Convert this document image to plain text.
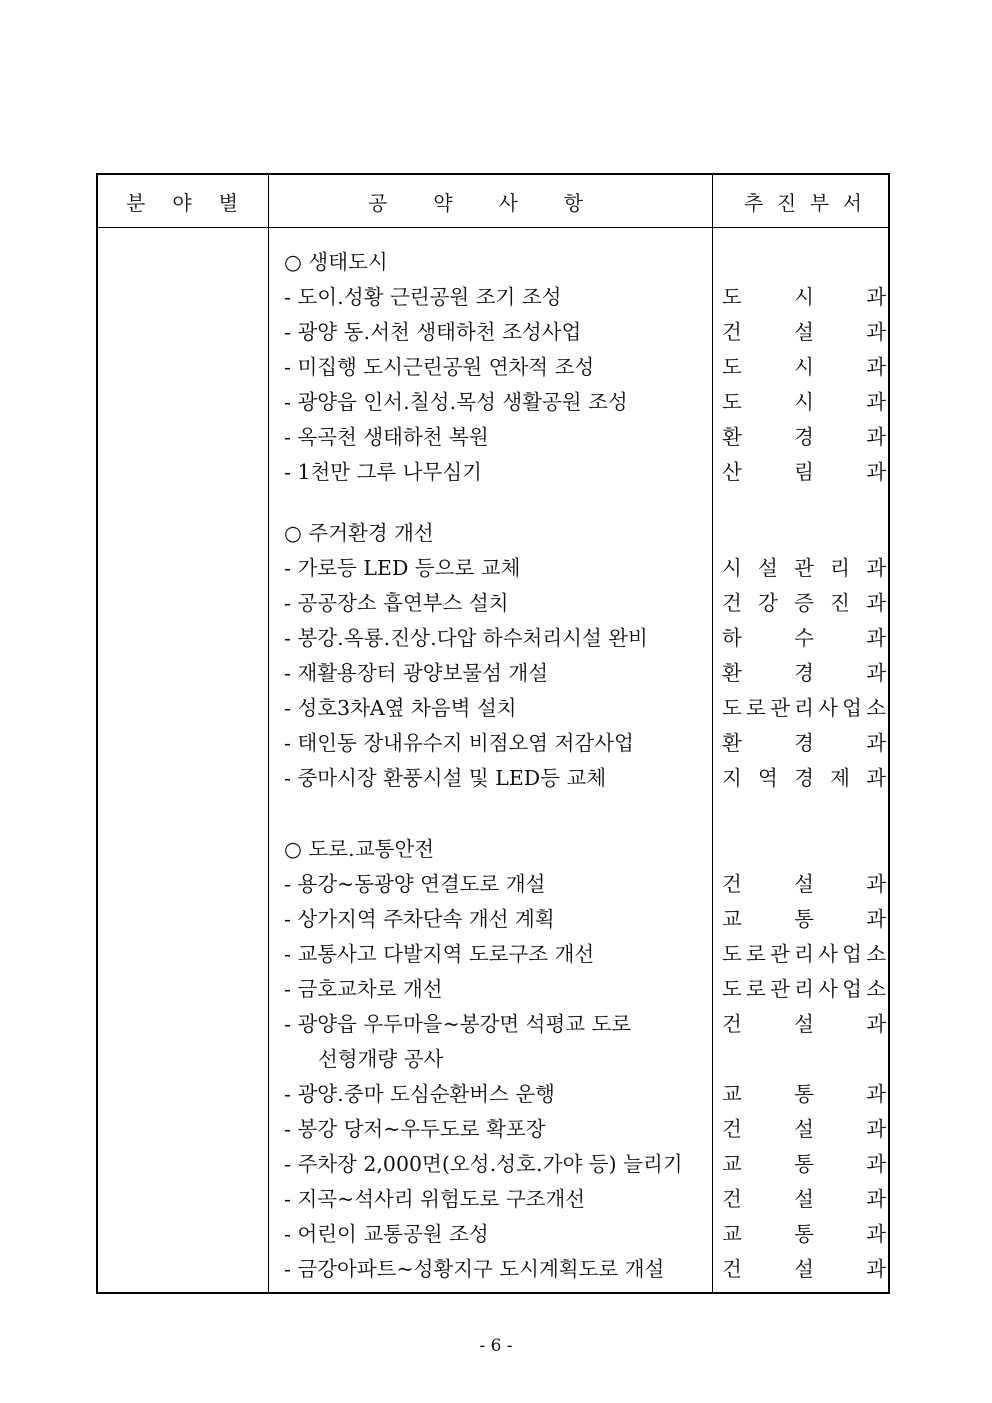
분 야 별	공 약 사 항	추 진 부 서
○ 생태도시
- 도이․성황 근린공원 조기 조성	도	시	과
- 광양 동․서천 생태하천 조성사업	건	설	과
- 미집행 도시근린공원 연차적 조성	도	시	과
- 광양읍 인서․칠성․목성 생활공원 조성	도	시	과
- 옥곡천 생태하천 복원	환	경	과
- 1천만 그루 나무심기	산	림	과
○ 주거환경 개선
- 가로등 LED 등으로 교체	시 설 관 리 과
- 공공장소 흡연부스 설치	건 강 증 진 과
- 봉강․옥룡․진상․다압 하수처리시설 완비	하	수	과
- 재활용장터 광양보물섬 개설	환	경	과
- 성호3차A옆 차음벽 설치	도 로 관 리 사 업 소
- 태인동 장내유수지 비점오염 저감사업	환	경	과
- 중마시장 환풍시설 및 LED등 교체	지 역 경 제 과
○ 도로․교통안전
- 용강~동광양 연결도로 개설	건	설	과
- 상가지역 주차단속 개선 계획	교	통	과
- 교통사고 다발지역 도로구조 개선	도 로 관 리 사 업 소
- 금호교차로 개선	도 로 관 리 사 업 소
- 광양읍 우두마을~봉강면 석평교 도로	건	설	과
선형개량 공사
- 광양․중마 도심순환버스 운행	교	통	과
- 봉강 당저~우두도로 확포장	건	설	과
- 주차장 2,000면(오성․성호․가야 등) 늘리기 교	통	과
- 지곡~석사리 위험도로 구조개선	건	설	과
- 어린이 교통공원 조성	교	통	과
- 금강아파트~성황지구 도시계획도로 개설	건	설	과
- 6 -
